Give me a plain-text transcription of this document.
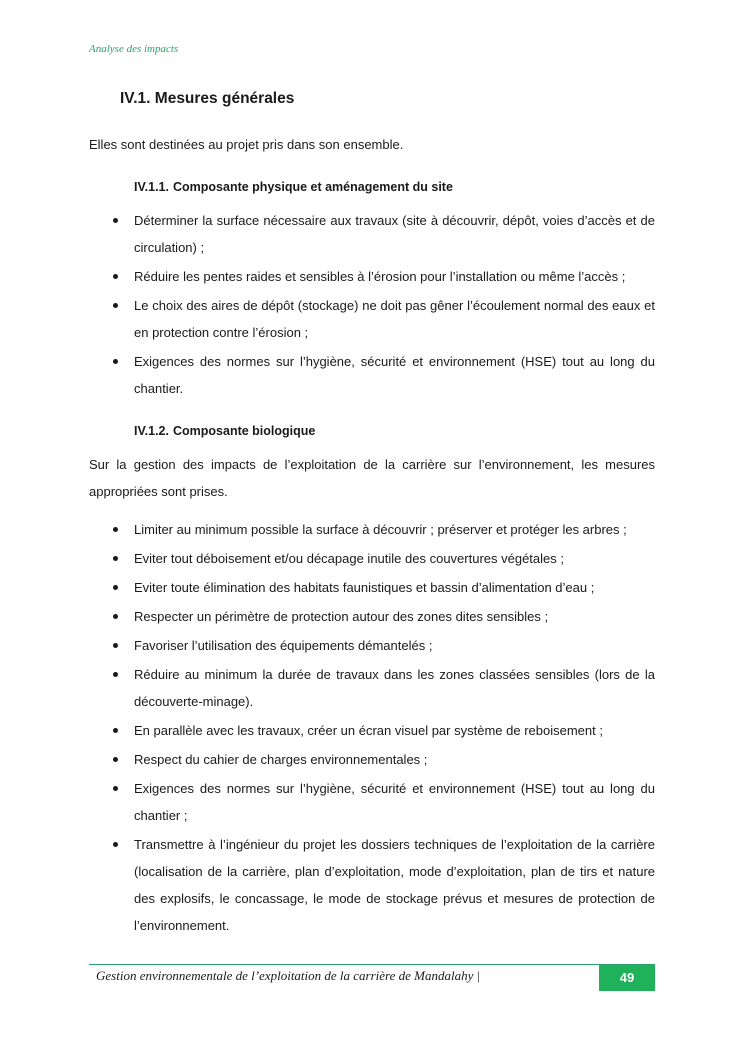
Analyse des impacts
IV.1. Mesures générales

Elles sont destinées au projet pris dans son ensemble.

IV.1.1. Composante physique et aménagement du site
Déterminer la surface nécessaire aux travaux (site à découvrir, dépôt, voies d’accès et de circulation) ;
Réduire les pentes raides et sensibles à l’érosion pour l’installation ou même l’accès ;
Le choix des aires de dépôt (stockage) ne doit pas gêner l’écoulement normal des eaux et en protection contre l’érosion ;
Exigences des normes sur l’hygiène, sécurité et environnement (HSE) tout au long du chantier.
IV.1.2. Composante biologique

Sur la gestion des impacts de l’exploitation de la carrière sur l’environnement, les mesures appropriées sont prises.

Limiter au minimum possible la surface à découvrir ; préserver et protéger les arbres ;
Eviter tout déboisement et/ou décapage inutile des couvertures végétales ;
Eviter toute élimination des habitats faunistiques et bassin d’alimentation d’eau ;
Respecter un périmètre de protection autour des zones dites sensibles ;
Favoriser l’utilisation des équipements démantelés ;
Réduire au minimum la durée de travaux dans les zones classées sensibles (lors de la découverte-minage).
En parallèle avec les travaux, créer un écran visuel par système de reboisement ;
Respect du cahier de charges environnementales ;
Exigences des normes sur l’hygiène, sécurité et environnement (HSE) tout au long du chantier ;
Transmettre à l’ingénieur du projet les dossiers techniques de l’exploitation de la carrière (localisation de la carrière, plan d’exploitation, mode d’exploitation, plan de tirs et nature des explosifs, le concassage, le mode de stockage prévus et mesures de protection de l’environnement.
Gestion environnementale de l’exploitation de la carrière de Mandalahy |	49
